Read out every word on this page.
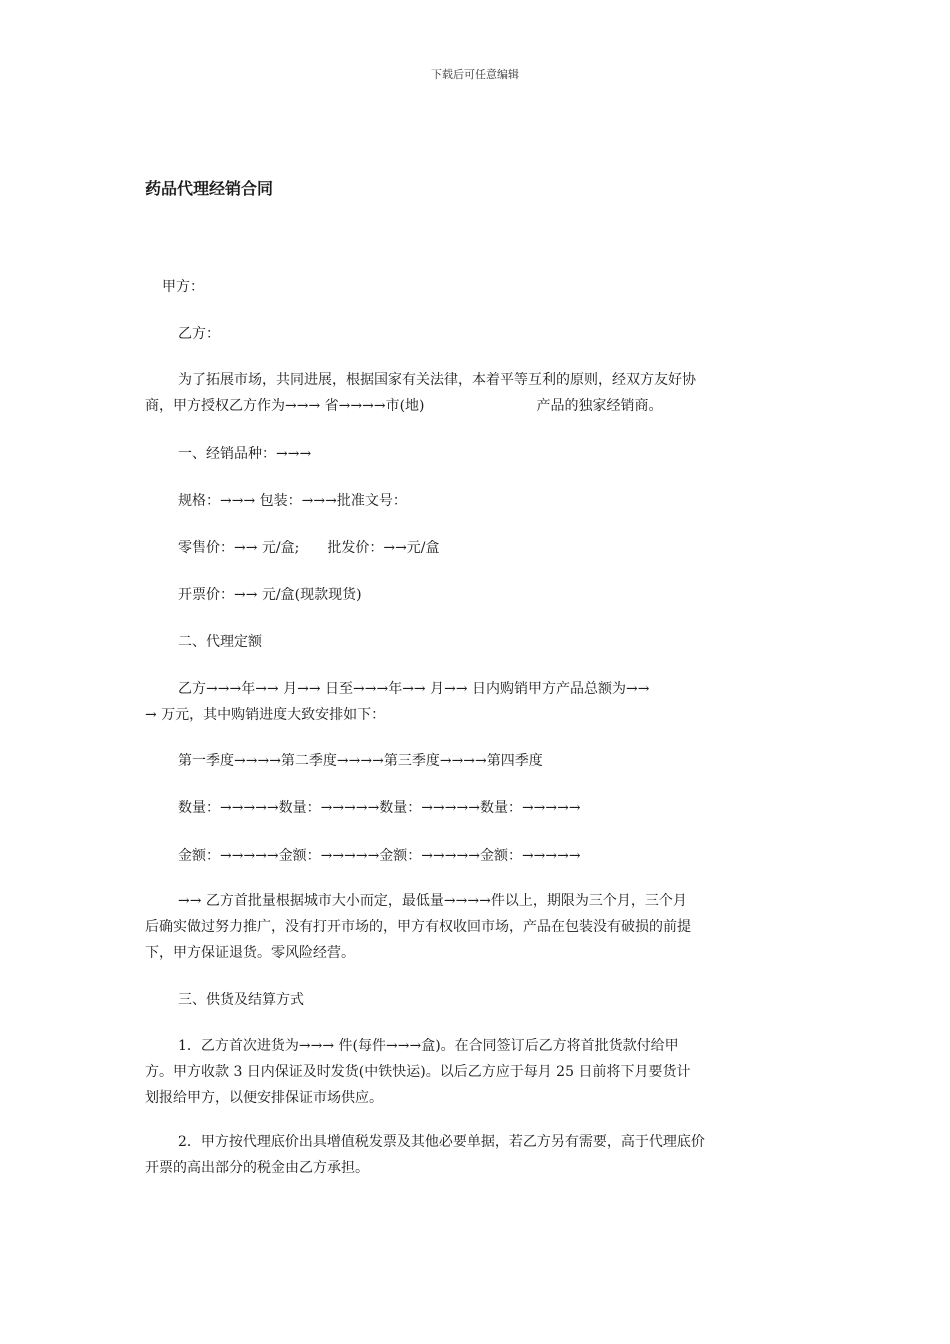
下载后可任意编辑
药品代理经销合同

甲方：

乙方：

为了拓展市场，共同进展，根据国家有关法律，本着平等互利的原则，经双方友好协
商，甲方授权乙方作为→→→ 省→→→→市(地)　　　　　　　　产品的独家经销商。

一、经销品种：→→→

规格：→→→ 包装：→→→批准文号：

零售价：→→ 元/盒;　　批发价：→→元/盒

开票价：→→ 元/盒(现款现货)

二、代理定额

乙方→→→年→→ 月→→ 日至→→→年→→ 月→→ 日内购销甲方产品总额为→→
→ 万元，其中购销进度大致安排如下：

第一季度→→→→第二季度→→→→第三季度→→→→第四季度

数量：→→→→→数量：→→→→→数量：→→→→→数量：→→→→→

金额：→→→→→金额：→→→→→金额：→→→→→金额：→→→→→

→→ 乙方首批量根据城市大小而定，最低量→→→→件以上，期限为三个月，三个月
后确实做过努力推广，没有打开市场的，甲方有权收回市场，产品在包装没有破损的前提
下，甲方保证退货。零风险经营。

三、供货及结算方式

1．乙方首次进货为→→→ 件(每件→→→盒)。在合同签订后乙方将首批货款付给甲
方。甲方收款 3 日内保证及时发货(中铁快运)。以后乙方应于每月 25 日前将下月要货计
划报给甲方，以便安排保证市场供应。
2．甲方按代理底价出具增值税发票及其他必要单据，若乙方另有需要，高于代理底价
开票的高出部分的税金由乙方承担。
